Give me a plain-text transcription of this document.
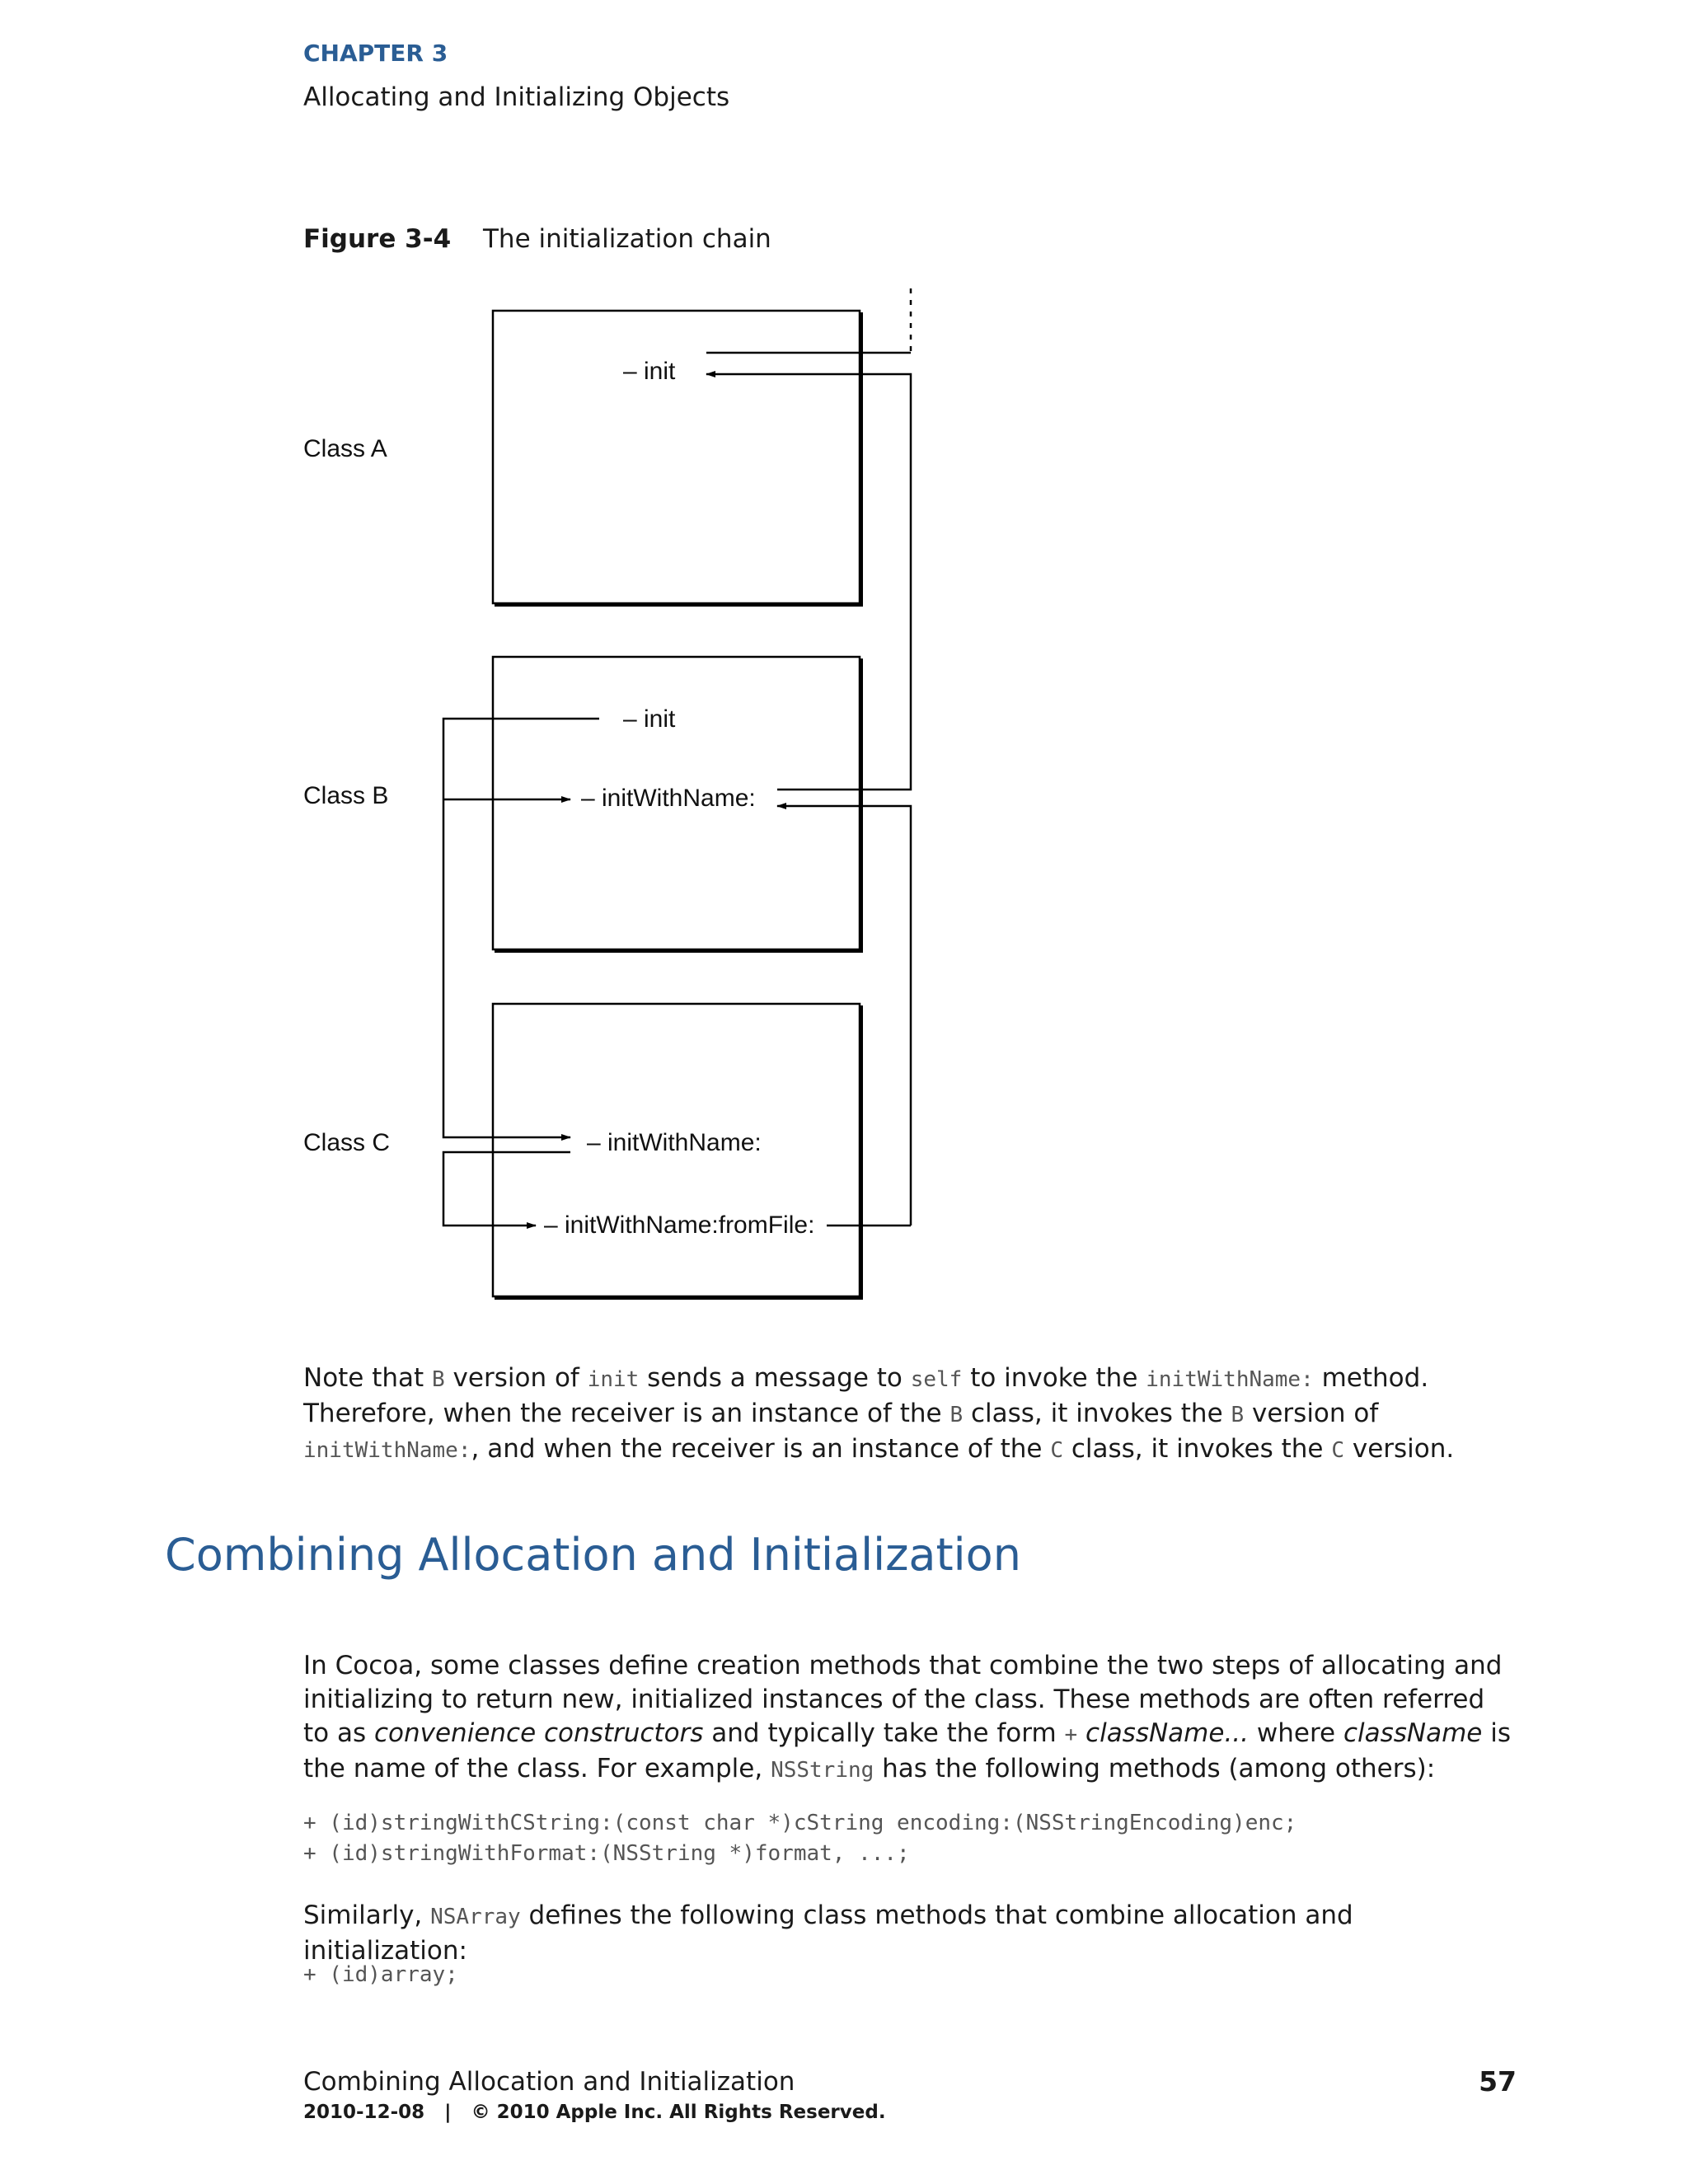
CHAPTER 3
Allocating and Initializing Objects
Figure 3-4 The initialization chain
Class A
Class B
Class C
– init
– init
– initWithName:
– initWithName:
– initWithName:fromFile:

Note that B version of init sends a message to self to invoke the initWithName: method. Therefore, when the receiver is an instance of the B class, it invokes the B version of initWithName:, and when the receiver is an instance of the C class, it invokes the C version.

Combining Allocation and Initialization

In Cocoa, some classes define creation methods that combine the two steps of allocating and initializing to return new, initialized instances of the class. These methods are often referred to as convenience constructors and typically take the form + className... where className is the name of the class. For example, NSString has the following methods (among others):

+ (id)stringWithCString:(const char *)cString encoding:(NSStringEncoding)enc;
+ (id)stringWithFormat:(NSString *)format, ...;

Similarly, NSArray defines the following class methods that combine allocation and initialization:

+ (id)array;
Combining Allocation and Initialization	57
2010-12-08   |   © 2010 Apple Inc. All Rights Reserved.
